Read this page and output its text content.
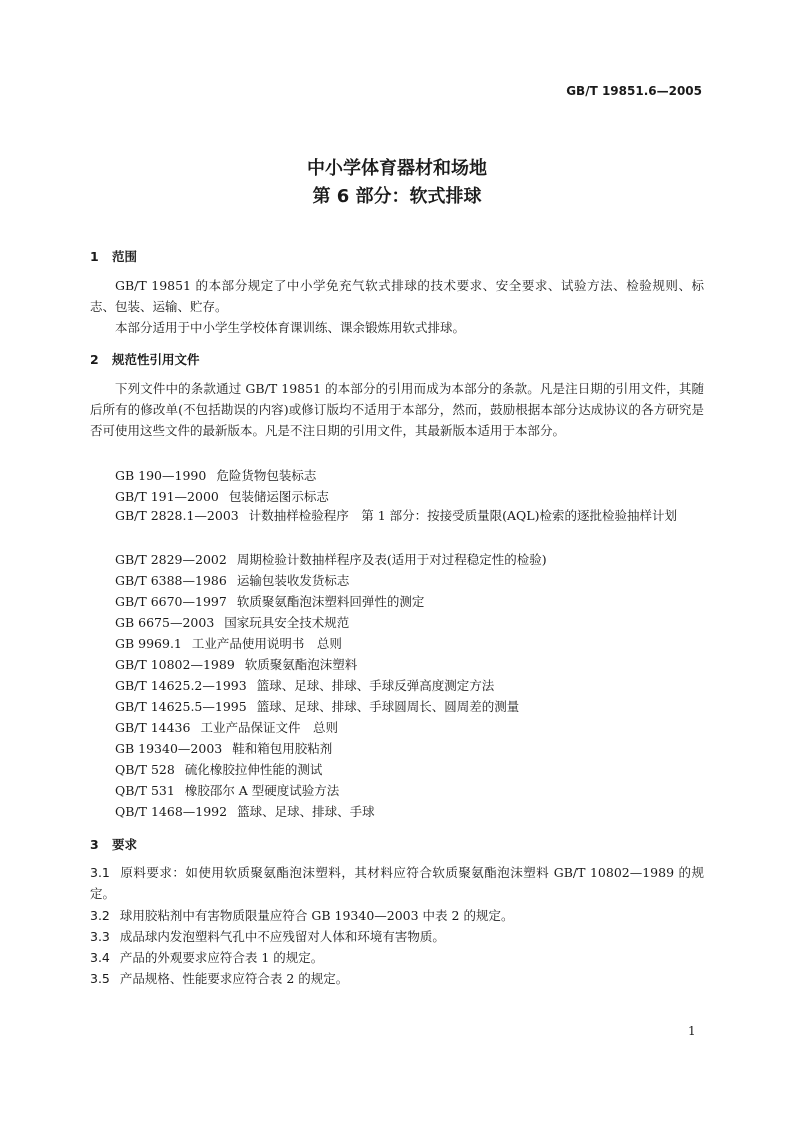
GB/T 19851.6—2005
中小学体育器材和场地
第 6 部分：软式排球
1 范围
GB/T 19851 的本部分规定了中小学免充气软式排球的技术要求、安全要求、试验方法、检验规则、标志、包装、运输、贮存。
本部分适用于中小学生学校体育课训练、课余锻炼用软式排球。
2 规范性引用文件
下列文件中的条款通过 GB/T 19851 的本部分的引用而成为本部分的条款。凡是注日期的引用文件，其随后所有的修改单(不包括勘误的内容)或修订版均不适用于本部分，然而，鼓励根据本部分达成协议的各方研究是否可使用这些文件的最新版本。凡是不注日期的引用文件，其最新版本适用于本部分。
GB 190—1990 危险货物包装标志
GB/T 191—2000 包装储运图示标志
GB/T 2828.1—2003 计数抽样检验程序　第 1 部分：按接受质量限(AQL)检索的逐批检验抽样计划
GB/T 2829—2002 周期检验计数抽样程序及表(适用于对过程稳定性的检验)
GB/T 6388—1986 运输包装收发货标志
GB/T 6670—1997 软质聚氨酯泡沫塑料回弹性的测定
GB 6675—2003 国家玩具安全技术规范
GB 9969.1 工业产品使用说明书　总则
GB/T 10802—1989 软质聚氨酯泡沫塑料
GB/T 14625.2—1993 篮球、足球、排球、手球反弹高度测定方法
GB/T 14625.5—1995 篮球、足球、排球、手球圆周长、圆周差的测量
GB/T 14436 工业产品保证文件　总则
GB 19340—2003 鞋和箱包用胶粘剂
QB/T 528 硫化橡胶拉伸性能的测试
QB/T 531 橡胶邵尔 A 型硬度试验方法
QB/T 1468—1992 篮球、足球、排球、手球
3 要求
3.1 原料要求：如使用软质聚氨酯泡沫塑料，其材料应符合软质聚氨酯泡沫塑料 GB/T 10802—1989 的规定。
3.2 球用胶粘剂中有害物质限量应符合 GB 19340—2003 中表 2 的规定。
3.3 成品球内发泡塑料气孔中不应残留对人体和环境有害物质。
3.4 产品的外观要求应符合表 1 的规定。
3.5 产品规格、性能要求应符合表 2 的规定。
1
